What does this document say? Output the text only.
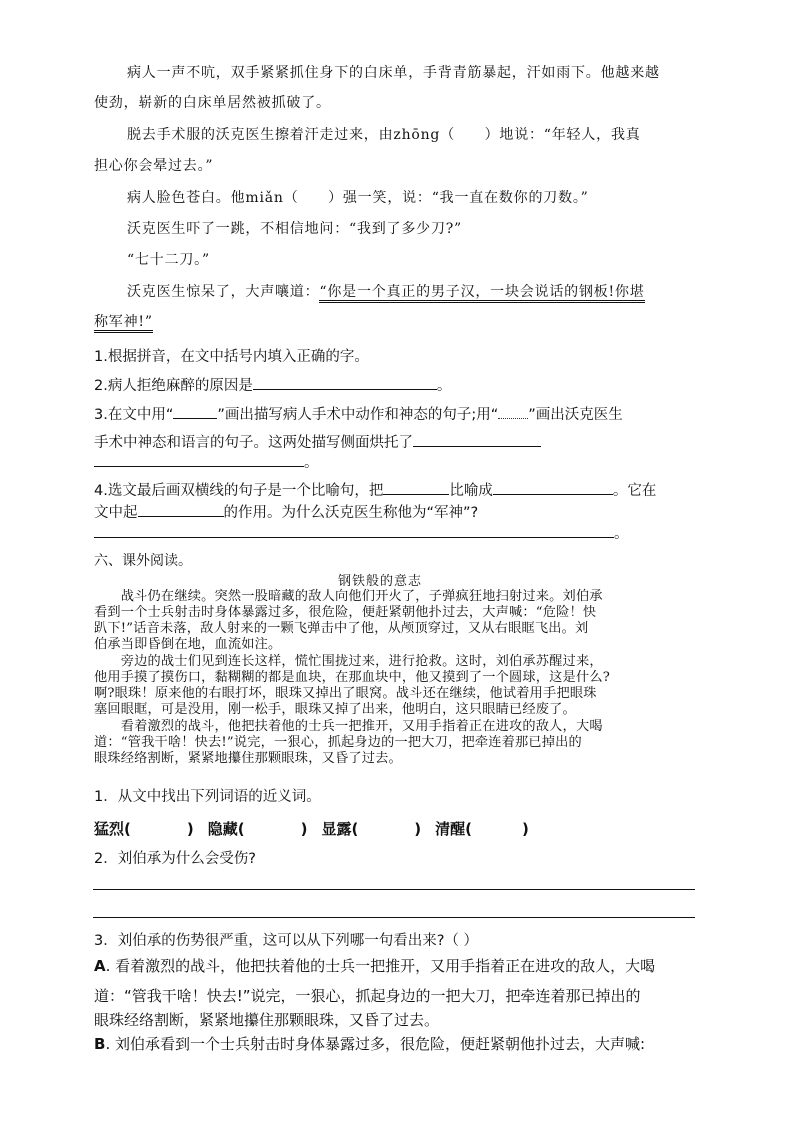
病人一声不吭，双手紧紧抓住身下的白床单，手背青筋暴起，汗如雨下。他越来越
使劲，崭新的白床单居然被抓破了。
脱去手术服的沃克医生擦着汗走过来，由zhōng（　　）地说：“年轻人，我真
担心你会晕过去。”
病人脸色苍白。他miǎn（　　）强一笑，说：“我一直在数你的刀数。”
沃克医生吓了一跳，不相信地问：“我到了多少刀?”
“七十二刀。”
沃克医生惊呆了，大声嚷道：“你是一个真正的男子汉，一块会说话的钢板!你堪
称军神!”
1.根据拼音，在文中括号内填入正确的字。
2.病人拒绝麻醉的原因是	。
3.在文中用“	”画出描写病人手术中动作和神态的句子;用“ ”画出沃克医生
手术中神态和语言的句子。这两处描写侧面烘托了
。
4.选文最后画双横线的句子是一个比喻句，把	比喻成	。它在
文中起	的作用。为什么沃克医生称他为“军神”?
。
六、课外阅读。
钢铁般的意志
　　战斗仍在继续。突然一股暗藏的敌人向他们开火了，子弹疯狂地扫射过来。刘伯承
看到一个士兵射击时身体暴露过多，很危险，便赶紧朝他扑过去，大声喊：“危险！快
趴下!”话音未落，敌人射来的一颗飞弹击中了他，从颅顶穿过，又从右眼眶飞出。刘
伯承当即昏倒在地，血流如注。
　　旁边的战士们见到连长这样，慌忙围拢过来，进行抢救。这时，刘伯承苏醒过来，
他用手摸了摸伤口，黏糊糊的都是血块，在那血块中，他又摸到了一个圆球，这是什么?
啊?眼珠！原来他的右眼打坏，眼珠又掉出了眼窝。战斗还在继续，他试着用手把眼珠
塞回眼眶，可是没用，刚一松手，眼珠又掉了出来，他明白，这只眼睛已经废了。
　　看着激烈的战斗，他把扶着他的士兵一把推开，又用手指着正在进攻的敌人，大喝
道：“管我干啥！快去!”说完，一狠心，抓起身边的一把大刀，把牵连着那已掉出的
眼珠经络割断，紧紧地攥住那颗眼珠，又昏了过去。
1．从文中找出下列词语的近义词。
猛烈(	) 隐藏(	) 显露(	) 清醒(	)
2．刘伯承为什么会受伤?
3．刘伯承的伤势很严重，这可以从下列哪一句看出来?（ ）
A. 看着激烈的战斗，他把扶着他的士兵一把推开，又用手指着正在进攻的敌人，大喝
道：“管我干啥！快去!”说完，一狠心，抓起身边的一把大刀，把牵连着那已掉出的
眼珠经络割断，紧紧地攥住那颗眼珠，又昏了过去。
B. 刘伯承看到一个士兵射击时身体暴露过多，很危险，便赶紧朝他扑过去，大声喊:
